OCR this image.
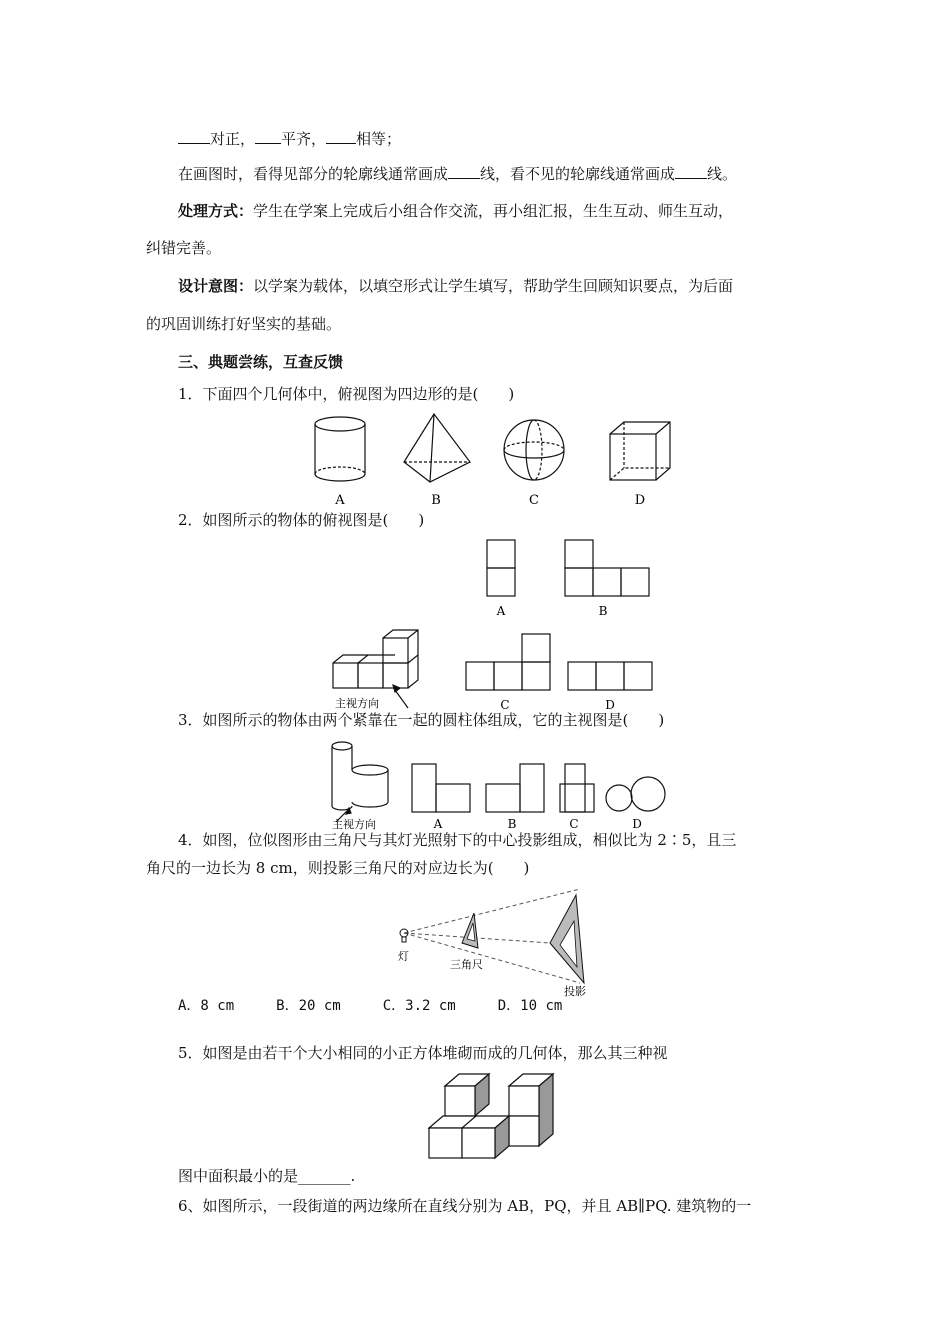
对正， 平齐， 相等；
在画图时，看得见部分的轮廓线通常画成 线，看不见的轮廓线通常画成 线。
处理方式：学生在学案上完成后小组合作交流，再小组汇报，生生互动、师生互动，
纠错完善。
设计意图：以学案为载体，以填空形式让学生填写，帮助学生回顾知识要点，为后面
的巩固训练打好坚实的基础。
三、典题尝练，互查反馈
1．下面四个几何体中，俯视图为四边形的是(　　)
A	B	C	D
2．如图所示的物体的俯视图是(　　)
A	B
主视方向	C	D
3．如图所示的物体由两个紧靠在一起的圆柱体组成，它的主视图是(　　)
主视方向	A	B	C	D
4．如图，位似图形由三角尺与其灯光照射下的中心投影组成，相似比为 2∶5，且三
角尺的一边长为 8 cm，则投影三角尺的对应边长为(　　)
灯
三角尺
投影
A．8 cm	B．20 cm	C．3.2 cm	D．10 cm
5．如图是由若干个大小相同的小正方体堆砌而成的几何体，那么其三种视
图中面积最小的是_______.
6、如图所示，一段街道的两边缘所在直线分别为 AB，PQ，并且 AB∥PQ. 建筑物的一
